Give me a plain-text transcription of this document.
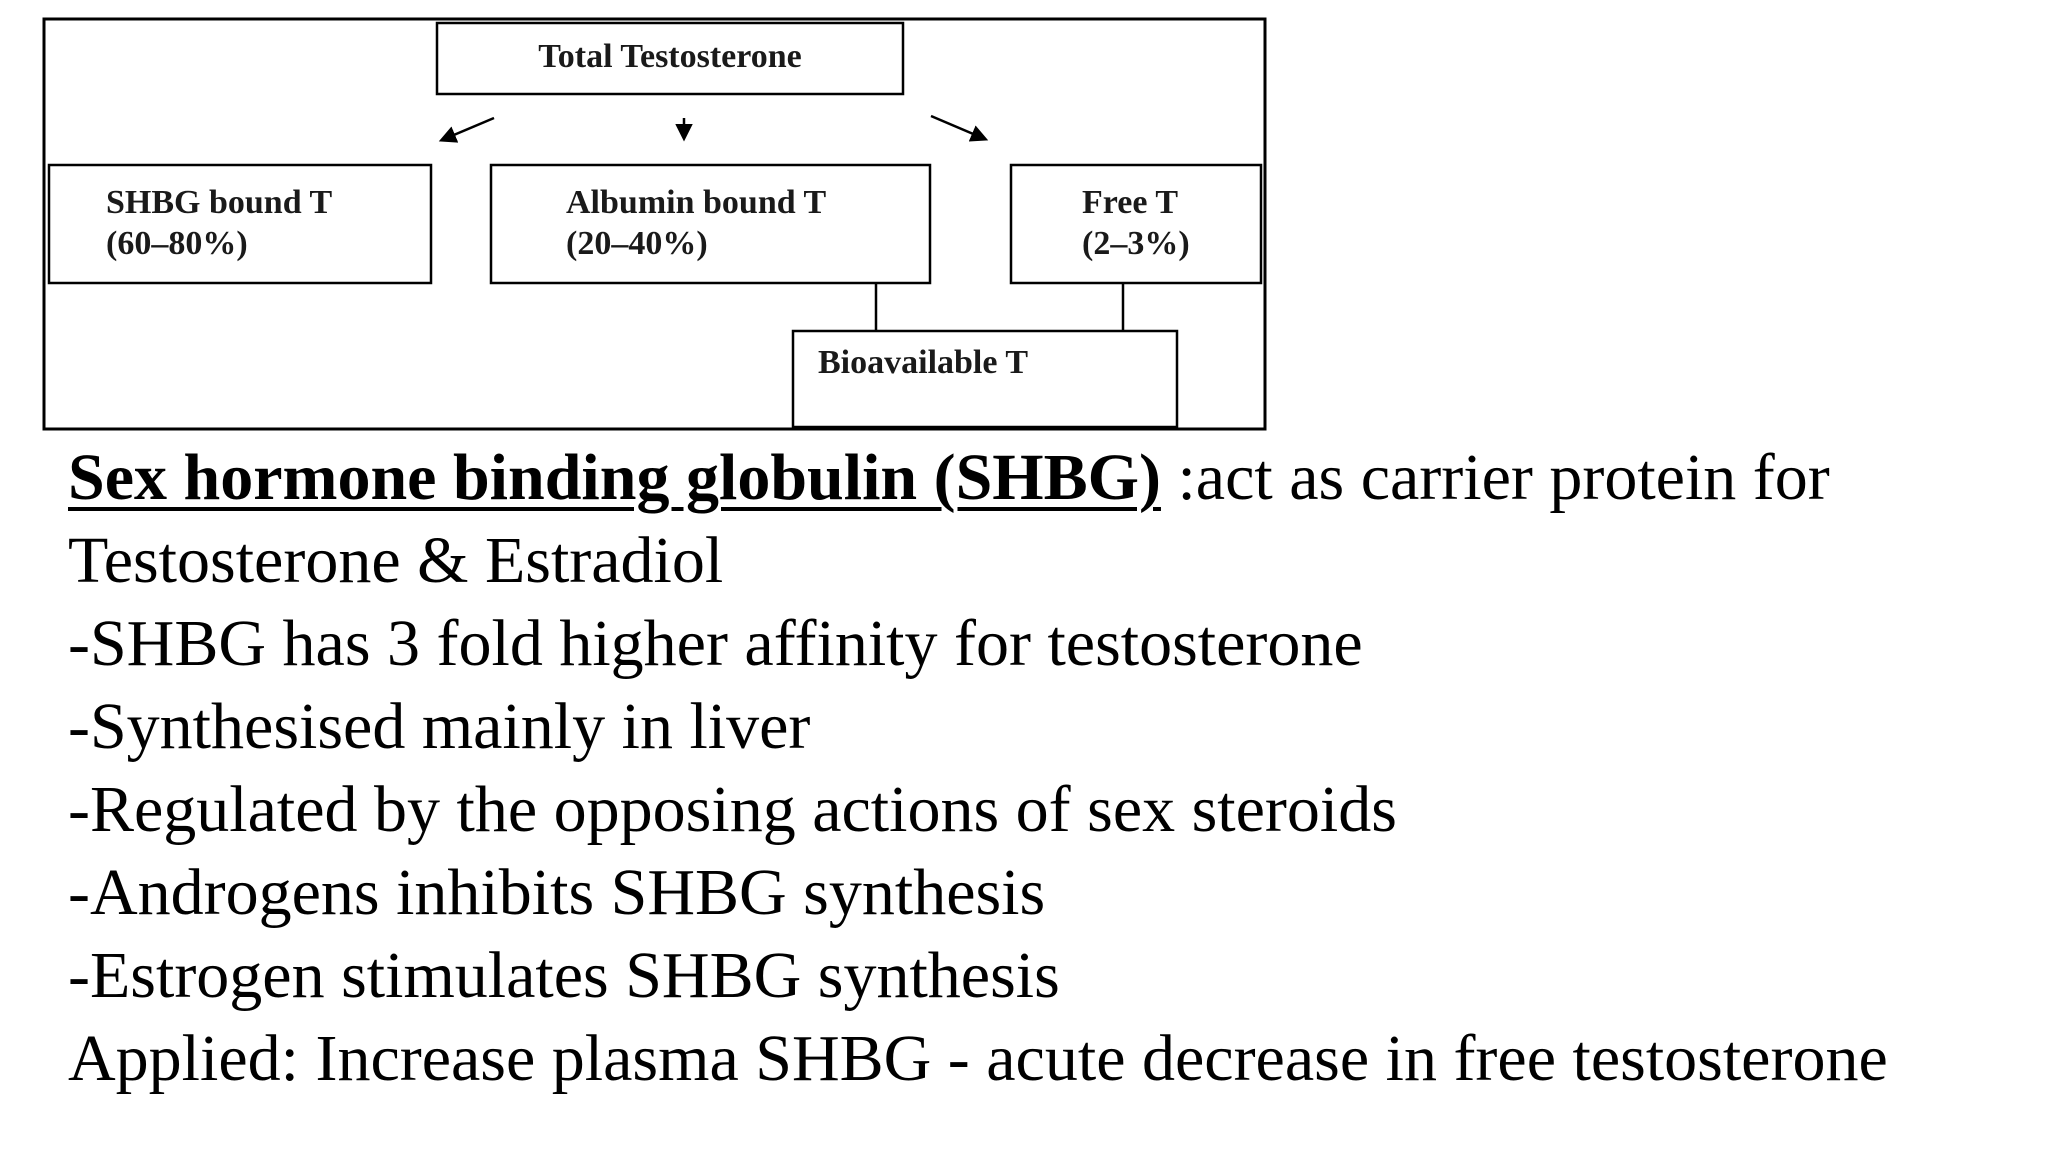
Total Testosterone
SHBG bound T
(60–80%)
Albumin bound T
(20–40%)
Free T
(2–3%)
Bioavailable T
Sex hormone binding globulin (SHBG) :act as carrier protein for
Testosterone & Estradiol
-SHBG has 3 fold higher affinity for testosterone
-Synthesised mainly in liver
-Regulated by the opposing actions of sex steroids
-Androgens inhibits SHBG synthesis
-Estrogen stimulates SHBG synthesis
Applied: Increase plasma SHBG - acute decrease in free testosterone
